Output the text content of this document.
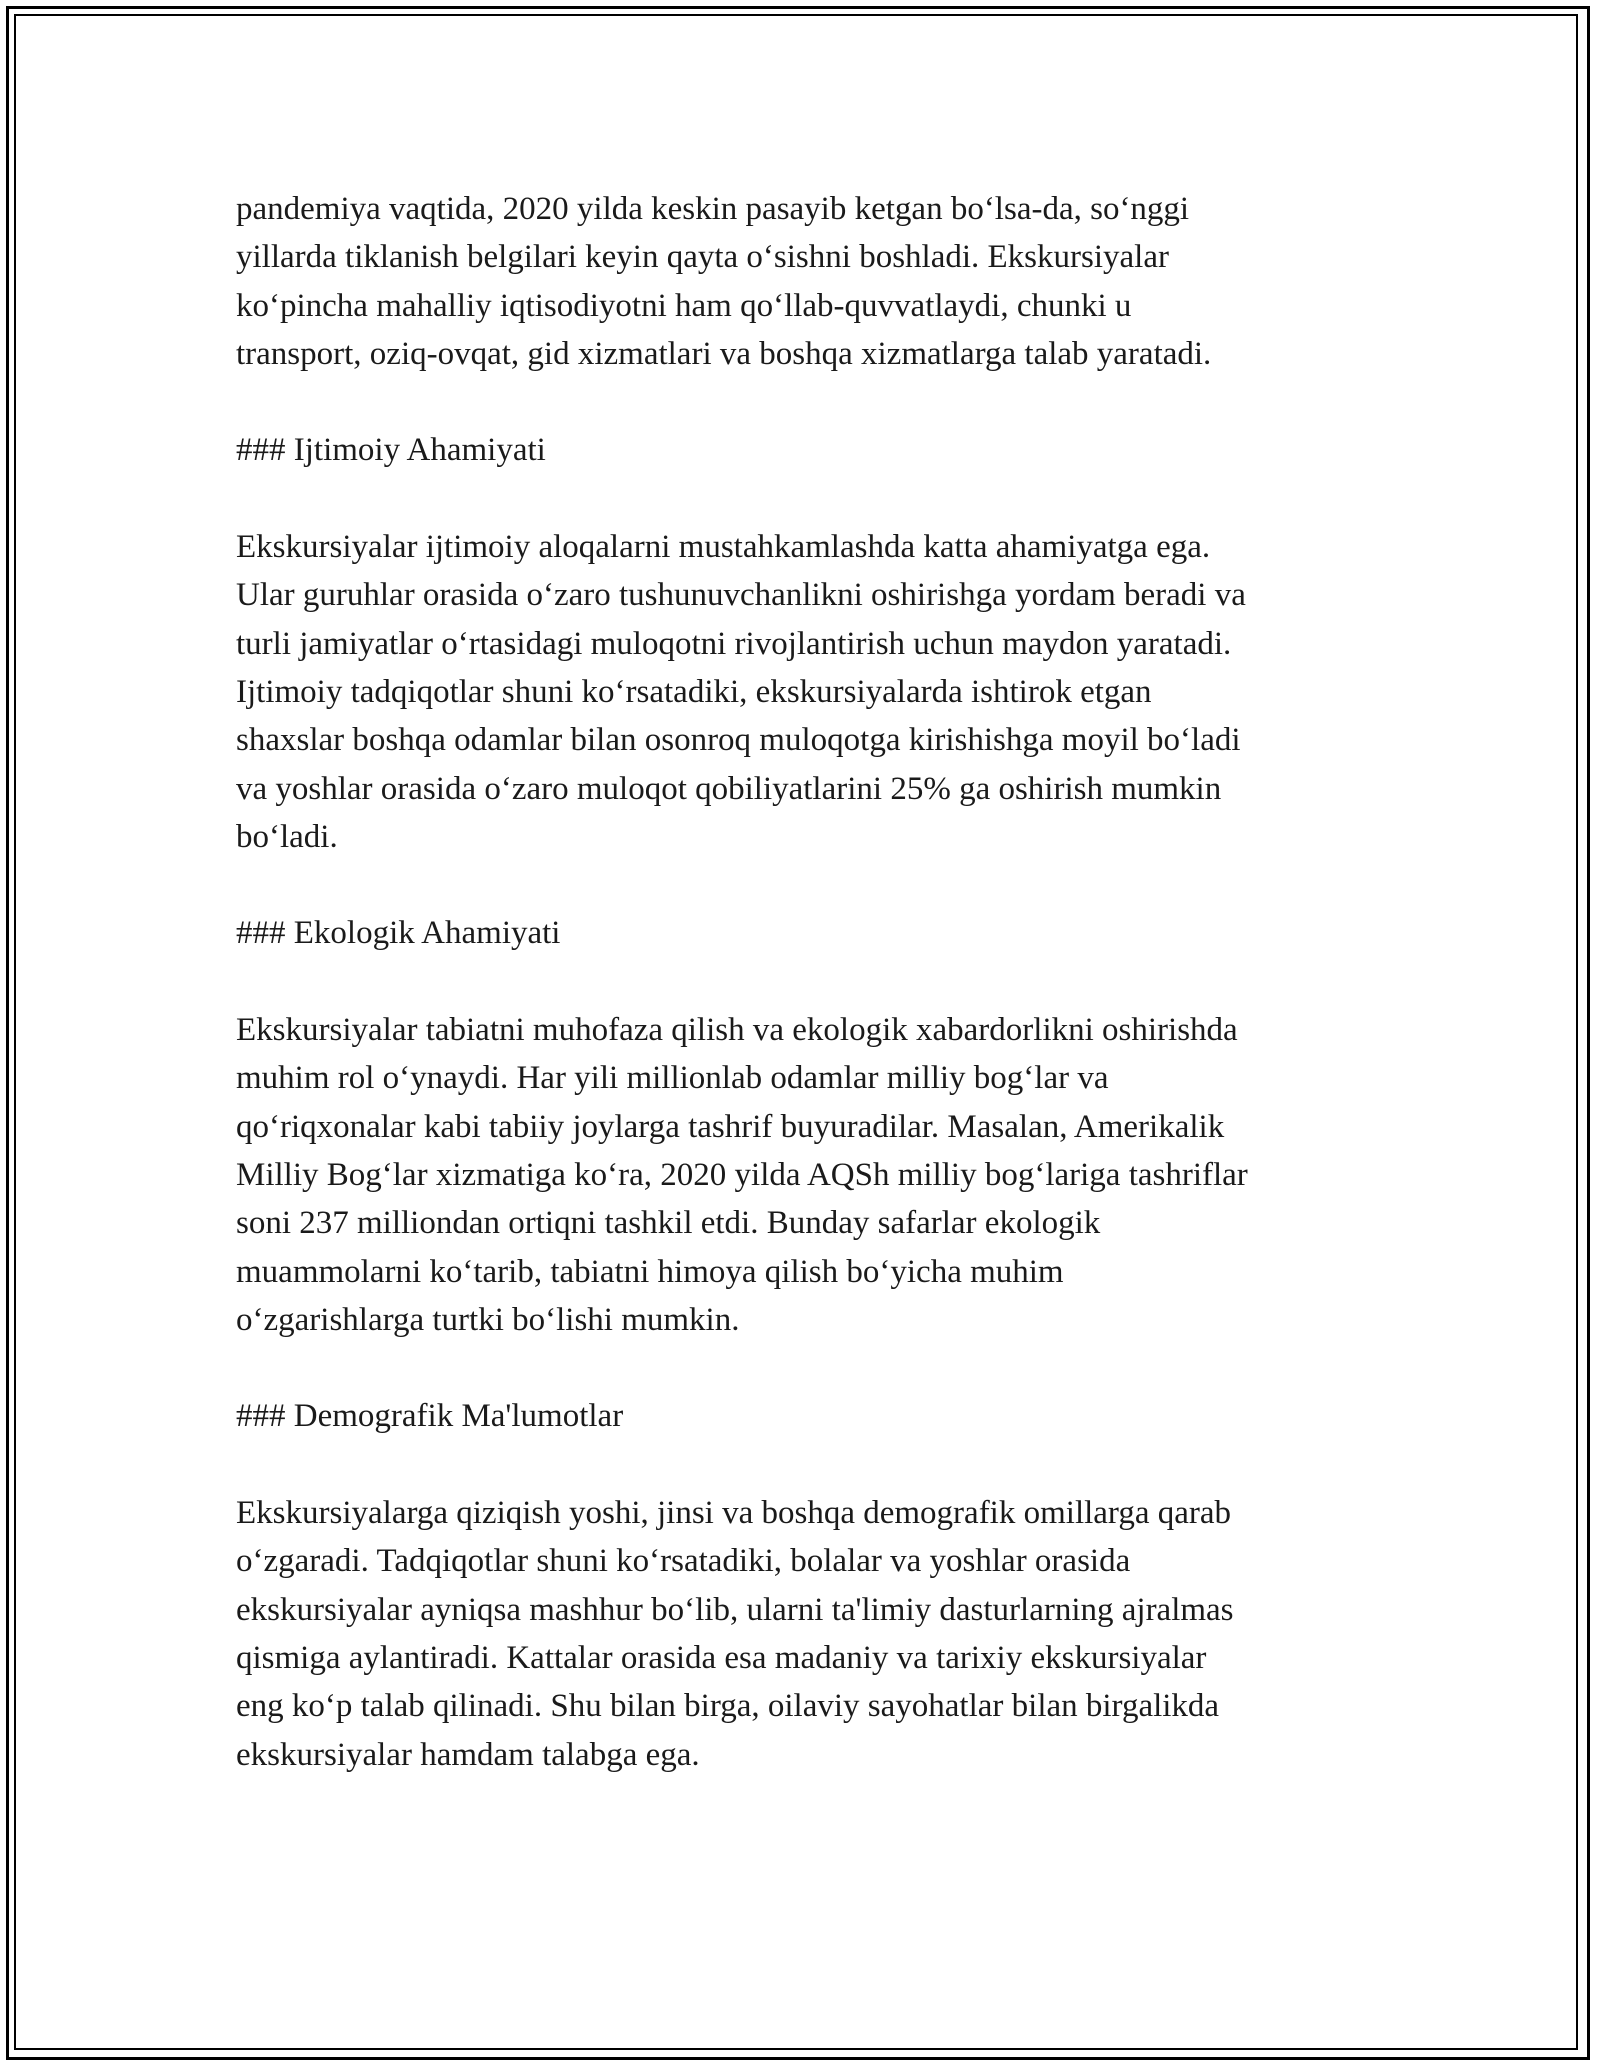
pandemiya vaqtida, 2020 yilda keskin pasayib ketgan bo‘lsa-da, so‘nggi
yillarda tiklanish belgilari keyin qayta o‘sishni boshladi. Ekskursiyalar
ko‘pincha mahalliy iqtisodiyotni ham qo‘llab-quvvatlaydi, chunki u
transport, oziq-ovqat, gid xizmatlari va boshqa xizmatlarga talab yaratadi.

### Ijtimoiy Ahamiyati

Ekskursiyalar ijtimoiy aloqalarni mustahkamlashda katta ahamiyatga ega.
Ular guruhlar orasida o‘zaro tushunuvchanlikni oshirishga yordam beradi va
turli jamiyatlar o‘rtasidagi muloqotni rivojlantirish uchun maydon yaratadi.
Ijtimoiy tadqiqotlar shuni ko‘rsatadiki, ekskursiyalarda ishtirok etgan
shaxslar boshqa odamlar bilan osonroq muloqotga kirishishga moyil bo‘ladi
va yoshlar orasida o‘zaro muloqot qobiliyatlarini 25% ga oshirish mumkin
bo‘ladi.

### Ekologik Ahamiyati

Ekskursiyalar tabiatni muhofaza qilish va ekologik xabardorlikni oshirishda
muhim rol o‘ynaydi. Har yili millionlab odamlar milliy bog‘lar va
qo‘riqxonalar kabi tabiiy joylarga tashrif buyuradilar. Masalan, Amerikalik
Milliy Bog‘lar xizmatiga ko‘ra, 2020 yilda AQSh milliy bog‘lariga tashriflar
soni 237 milliondan ortiqni tashkil etdi. Bunday safarlar ekologik
muammolarni ko‘tarib, tabiatni himoya qilish bo‘yicha muhim
o‘zgarishlarga turtki bo‘lishi mumkin.

### Demografik Ma'lumotlar

Ekskursiyalarga qiziqish yoshi, jinsi va boshqa demografik omillarga qarab
o‘zgaradi. Tadqiqotlar shuni ko‘rsatadiki, bolalar va yoshlar orasida
ekskursiyalar ayniqsa mashhur bo‘lib, ularni ta'limiy dasturlarning ajralmas
qismiga aylantiradi. Kattalar orasida esa madaniy va tarixiy ekskursiyalar
eng ko‘p talab qilinadi. Shu bilan birga, oilaviy sayohatlar bilan birgalikda
ekskursiyalar hamdam talabga ega.
